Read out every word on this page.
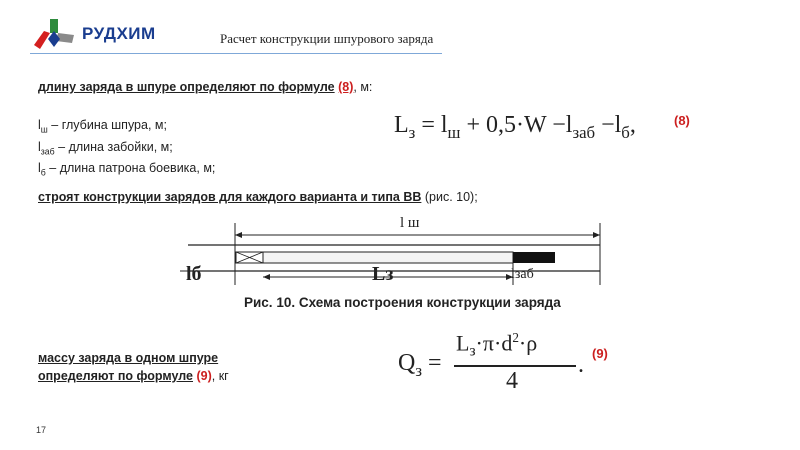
РУДХИМ	Расчет конструкции шпурового заряда
длину заряда в шпуре определяют по формуле (8), м:
$l_ш$ – глубина шпура, м;
$l_{заб}$ – длина забойки, м;
$l_б$ – длина патрона боевика, м;
$L_з = l_ш + 0,5\cdot W -l_{заб} -l_б$,	(8)
строят конструкции зарядов для каждого варианта и типа ВВ (рис. 10);
l ш
lб	Lз	lзаб
Рис. 10. Схема построения конструкции заряда
массу заряда в одном шпуре
определяют по формуле (9), кг	$Q_з$ =
$L_з\cdot\pi\cdot d^2\cdot\rho$
4
. (9)
17
